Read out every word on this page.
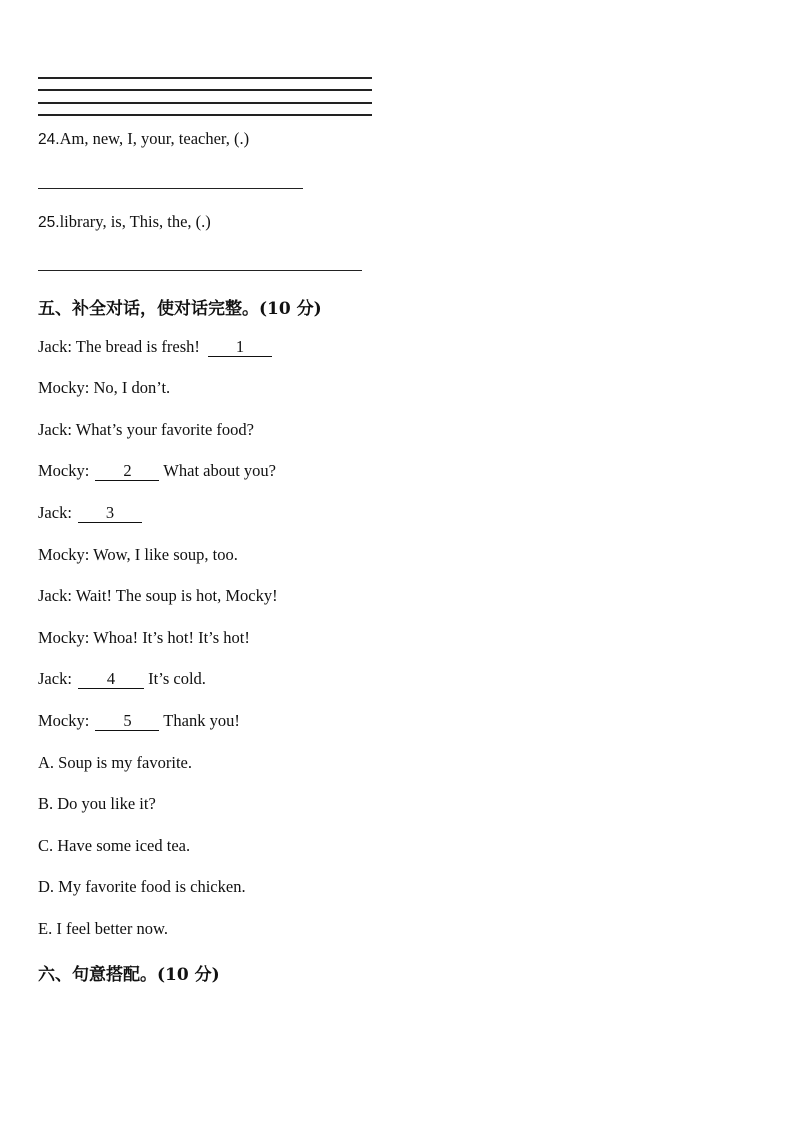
24.Am, new, I, your, teacher, (.)
25.library, is, This, the, (.)
五、补全对话，使对话完整。(10 分)
Jack: The bread is fresh! 1
Mocky: No, I don’t.
Jack: What’s your favorite food?
Mocky: 2 What about you?
Jack: 3
Mocky: Wow, I like soup, too.
Jack: Wait! The soup is hot, Mocky!
Mocky: Whoa! It’s hot! It’s hot!
Jack: 4 It’s cold.
Mocky: 5 Thank you!
A. Soup is my favorite.
B. Do you like it?
C. Have some iced tea.
D. My favorite food is chicken.
E. I feel better now.
六、句意搭配。(10 分)
